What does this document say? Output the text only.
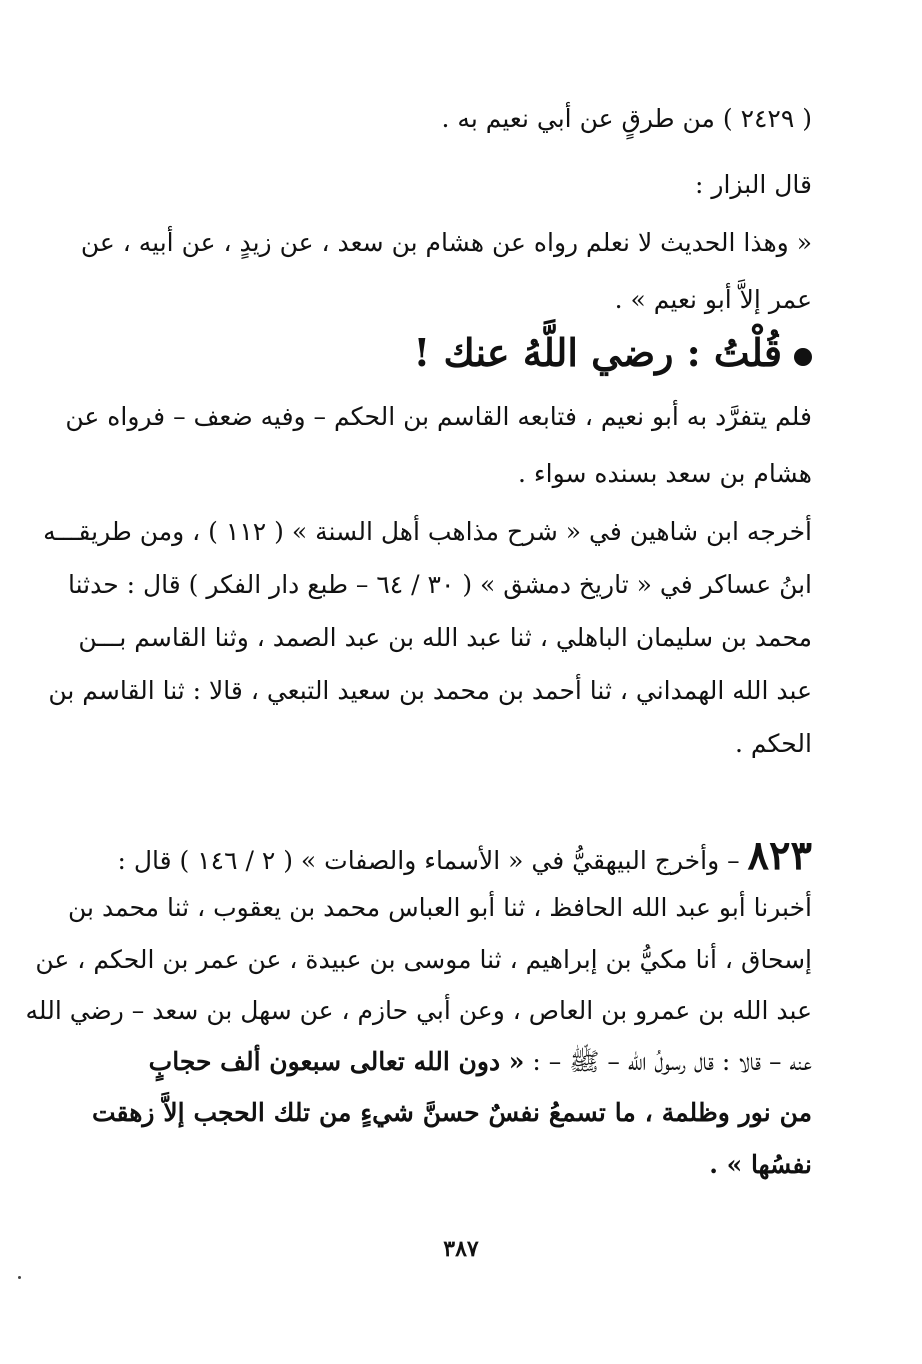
( ٢٤٢٩ ) من طرقٍ عن أبي نعيم به .
قال البزار :
« وهذا الحديث لا نعلم رواه عن هشام بن سعد ، عن زيدٍ ، عن أبيه ، عن
عمر إلاَّ أبو نعيم » .
قُلْتُ : رضي اللَّهُ عنك !
فلم يتفرَّد به أبو نعيم ، فتابعه القاسم بن الحكم – وفيه ضعف – فرواه عن
هشام بن سعد بسنده سواء .
أخرجه ابن شاهين في « شرح مذاهب أهل السنة » ( ١١٢ ) ، ومن طريقـــه
ابنُ عساكر في « تاريخ دمشق » ( ٣٠ / ٦٤ – طبع دار الفكر ) قال : حدثنا
محمد بن سليمان الباهلي ، ثنا عبد الله بن عبد الصمد ، وثنا القاسم بـــن
عبد الله الهمداني ، ثنا أحمد بن محمد بن سعيد التبعي ، قالا : ثنا القاسم بن
الحكم .
٨٢٣ – وأخرج البيهقيُّ في « الأسماء والصفات » ( ٢ / ١٤٦ ) قال :
أخبرنا أبو عبد الله الحافظ ، ثنا أبو العباس محمد بن يعقوب ، ثنا محمد بن
إسحاق ، أنا مكيُّ بن إبراهيم ، ثنا موسى بن عبيدة ، عن عمر بن الحكم ، عن
عبد الله بن عمرو بن العاص ، وعن أبي حازم ، عن سهل بن سعد – رضي الله
عنه – قالا : قال رسولُ الله – ﷺ – : « دون الله تعالى سبعون ألف حجابٍ
من نور وظلمة ، ما تسمعُ نفسٌ حسنَّ شيءٍ من تلك الحجب إلاَّ زهقت
نفسُها » .
٣٨٧
